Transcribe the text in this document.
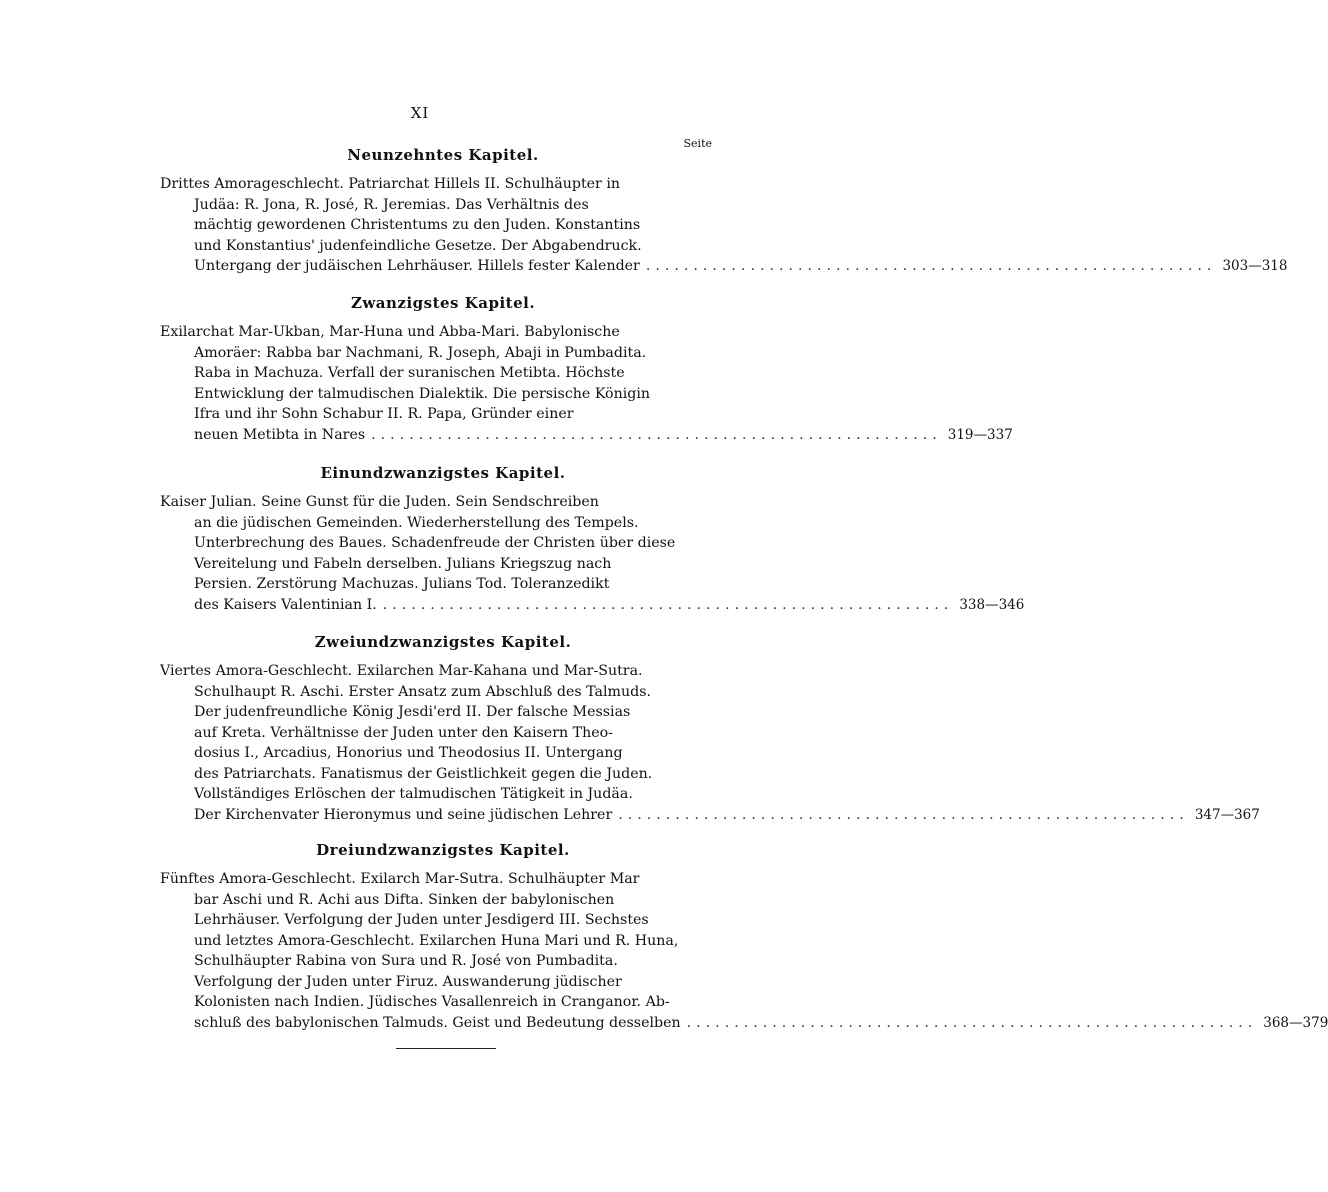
XI
Seite
Neunzehntes Kapitel.
Drittes Amorageschlecht. Patriarchat Hillels II. Schulhäupter in
Judäa: R. Jona, R. José, R. Jeremias. Das Verhältnis des
mächtig gewordenen Christentums zu den Juden. Konstantins
und Konstantius' judenfeindliche Gesetze. Der Abgabendruck.
Untergang der judäischen Lehrhäuser. Hillels fester Kalender ............................................................ 303—318
Zwanzigstes Kapitel.
Exilarchat Mar-Ukban, Mar-Huna und Abba-Mari. Babylonische
Amoräer: Rabba bar Nachmani, R. Joseph, Abaji in Pumbadita.
Raba in Machuza. Verfall der suranischen Metibta. Höchste
Entwicklung der talmudischen Dialektik. Die persische Königin
Ifra und ihr Sohn Schabur II. R. Papa, Gründer einer
neuen Metibta in Nares ............................................................ 319—337
Einundzwanzigstes Kapitel.
Kaiser Julian. Seine Gunst für die Juden. Sein Sendschreiben
an die jüdischen Gemeinden. Wiederherstellung des Tempels.
Unterbrechung des Baues. Schadenfreude der Christen über diese
Vereitelung und Fabeln derselben. Julians Kriegszug nach
Persien. Zerstörung Machuzas. Julians Tod. Toleranzedikt
des Kaisers Valentinian I. ............................................................ 338—346
Zweiundzwanzigstes Kapitel.
Viertes Amora-Geschlecht. Exilarchen Mar-Kahana und Mar-Sutra.
Schulhaupt R. Aschi. Erster Ansatz zum Abschluß des Talmuds.
Der judenfreundliche König Jesdi'erd II. Der falsche Messias
auf Kreta. Verhältnisse der Juden unter den Kaisern Theo-
dosius I., Arcadius, Honorius und Theodosius II. Untergang
des Patriarchats. Fanatismus der Geistlichkeit gegen die Juden.
Vollständiges Erlöschen der talmudischen Tätigkeit in Judäa.
Der Kirchenvater Hieronymus und seine jüdischen Lehrer ............................................................ 347—367
Dreiundzwanzigstes Kapitel.
Fünftes Amora-Geschlecht. Exilarch Mar-Sutra. Schulhäupter Mar
bar Aschi und R. Achi aus Difta. Sinken der babylonischen
Lehrhäuser. Verfolgung der Juden unter Jesdigerd III. Sechstes
und letztes Amora-Geschlecht. Exilarchen Huna Mari und R. Huna,
Schulhäupter Rabina von Sura und R. José von Pumbadita.
Verfolgung der Juden unter Firuz. Auswanderung jüdischer
Kolonisten nach Indien. Jüdisches Vasallenreich in Cranganor. Ab-
schluß des babylonischen Talmuds. Geist und Bedeutung desselben ............................................................ 368—379
